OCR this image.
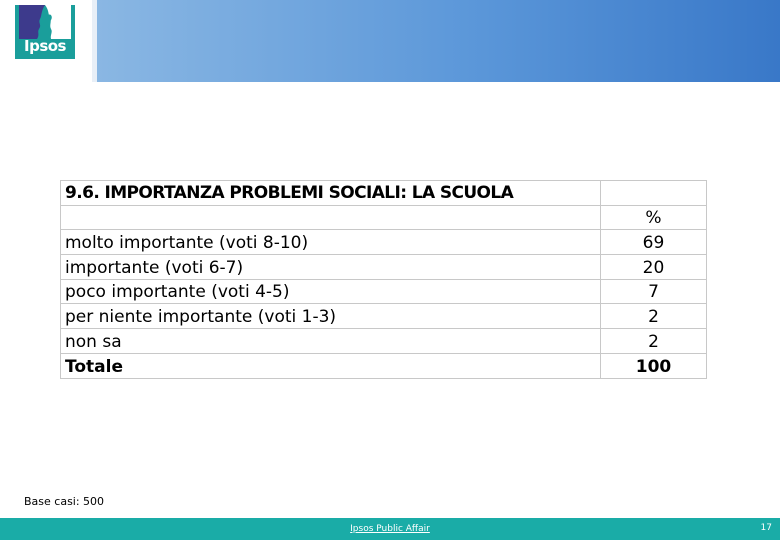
Ipsos
9.6. IMPORTANZA PROBLEMI SOCIALI: LA SCUOLA	
	%
molto importante (voti 8-10)	69
importante (voti 6-7)	20
poco importante (voti 4-5)	7
per niente importante (voti 1-3)	2
non sa	2
Totale	100
Base casi: 500
Ipsos Public Affair	17
